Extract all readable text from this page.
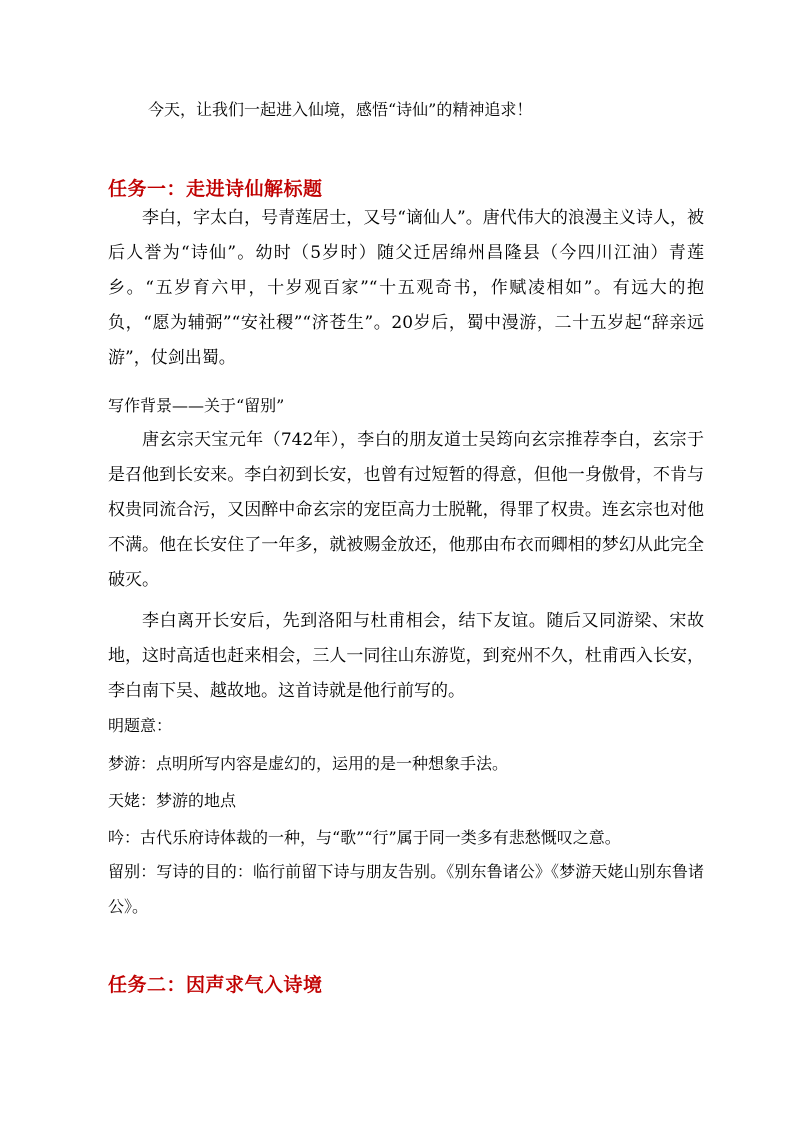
今天，让我们一起进入仙境，感悟“诗仙”的精神追求！
任务一：走进诗仙解标题
李白，字太白，号青莲居士，又号“谪仙人”。唐代伟大的浪漫主义诗人，被后人誉为“诗仙”。幼时（5岁时）随父迁居绵州昌隆县（今四川江油）青莲乡。“五岁育六甲，十岁观百家”“十五观奇书，作赋凌相如”。有远大的抱负，“愿为辅弼”“安社稷”“济苍生”。20岁后，蜀中漫游，二十五岁起“辞亲远游”，仗剑出蜀。
写作背景——关于“留别”
唐玄宗天宝元年（742年），李白的朋友道士吴筠向玄宗推荐李白，玄宗于是召他到长安来。李白初到长安，也曾有过短暂的得意，但他一身傲骨，不肯与权贵同流合污，又因醉中命玄宗的宠臣高力士脱靴，得罪了权贵。连玄宗也对他不满。他在长安住了一年多，就被赐金放还，他那由布衣而卿相的梦幻从此完全破灭。
李白离开长安后，先到洛阳与杜甫相会，结下友谊。随后又同游梁、宋故地，这时高适也赶来相会，三人一同往山东游览，到兖州不久，杜甫西入长安，李白南下吴、越故地。这首诗就是他行前写的。
明题意：
梦游：点明所写内容是虚幻的，运用的是一种想象手法。
天姥：梦游的地点
吟：古代乐府诗体裁的一种，与“歌”“行”属于同一类多有悲愁慨叹之意。
留别：写诗的目的：临行前留下诗与朋友告别。《别东鲁诸公》《梦游天姥山别东鲁诸公》。
任务二：因声求气入诗境
